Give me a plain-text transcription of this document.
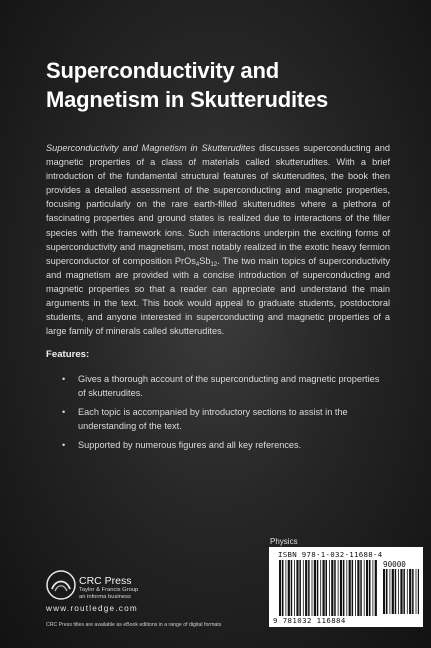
Superconductivity and
Magnetism in Skutterudites
Superconductivity and Magnetism in Skutterudites discusses superconducting and magnetic properties of a class of materials called skutterudites. With a brief introduction of the fundamental structural features of skutterudites, the book then provides a detailed assessment of the superconducting and magnetic properties, focusing particularly on the rare earth-filled skutterudites where a plethora of fascinating properties and ground states is realized due to interactions of the filler species with the framework ions. Such interactions underpin the exciting forms of superconductivity and magnetism, most notably realized in the exotic heavy fermion superconductor of composition $PrOs_4Sb_{12}$. The two main topics of superconductivity and magnetism are provided with a concise introduction of superconducting and magnetic properties so that a reader can appreciate and understand the main arguments in the text. This book would appeal to graduate students, postdoctoral students, and anyone interested in superconducting and magnetic properties of a large family of minerals called skutterudites.
Features:
• Gives a thorough account of the superconducting and magnetic properties of skutterudites.
• Each topic is accompanied by introductory sections to assist in the understanding of the text.
• Supported by numerous figures and all key references.
Physics
ISBN 978-1-032-11688-4
90000
9 781032 116884
CRC Press
Taylor & Francis Group
an informa business
www.routledge.com
CRC Press titles are available as eBook editions in a range of digital formats
